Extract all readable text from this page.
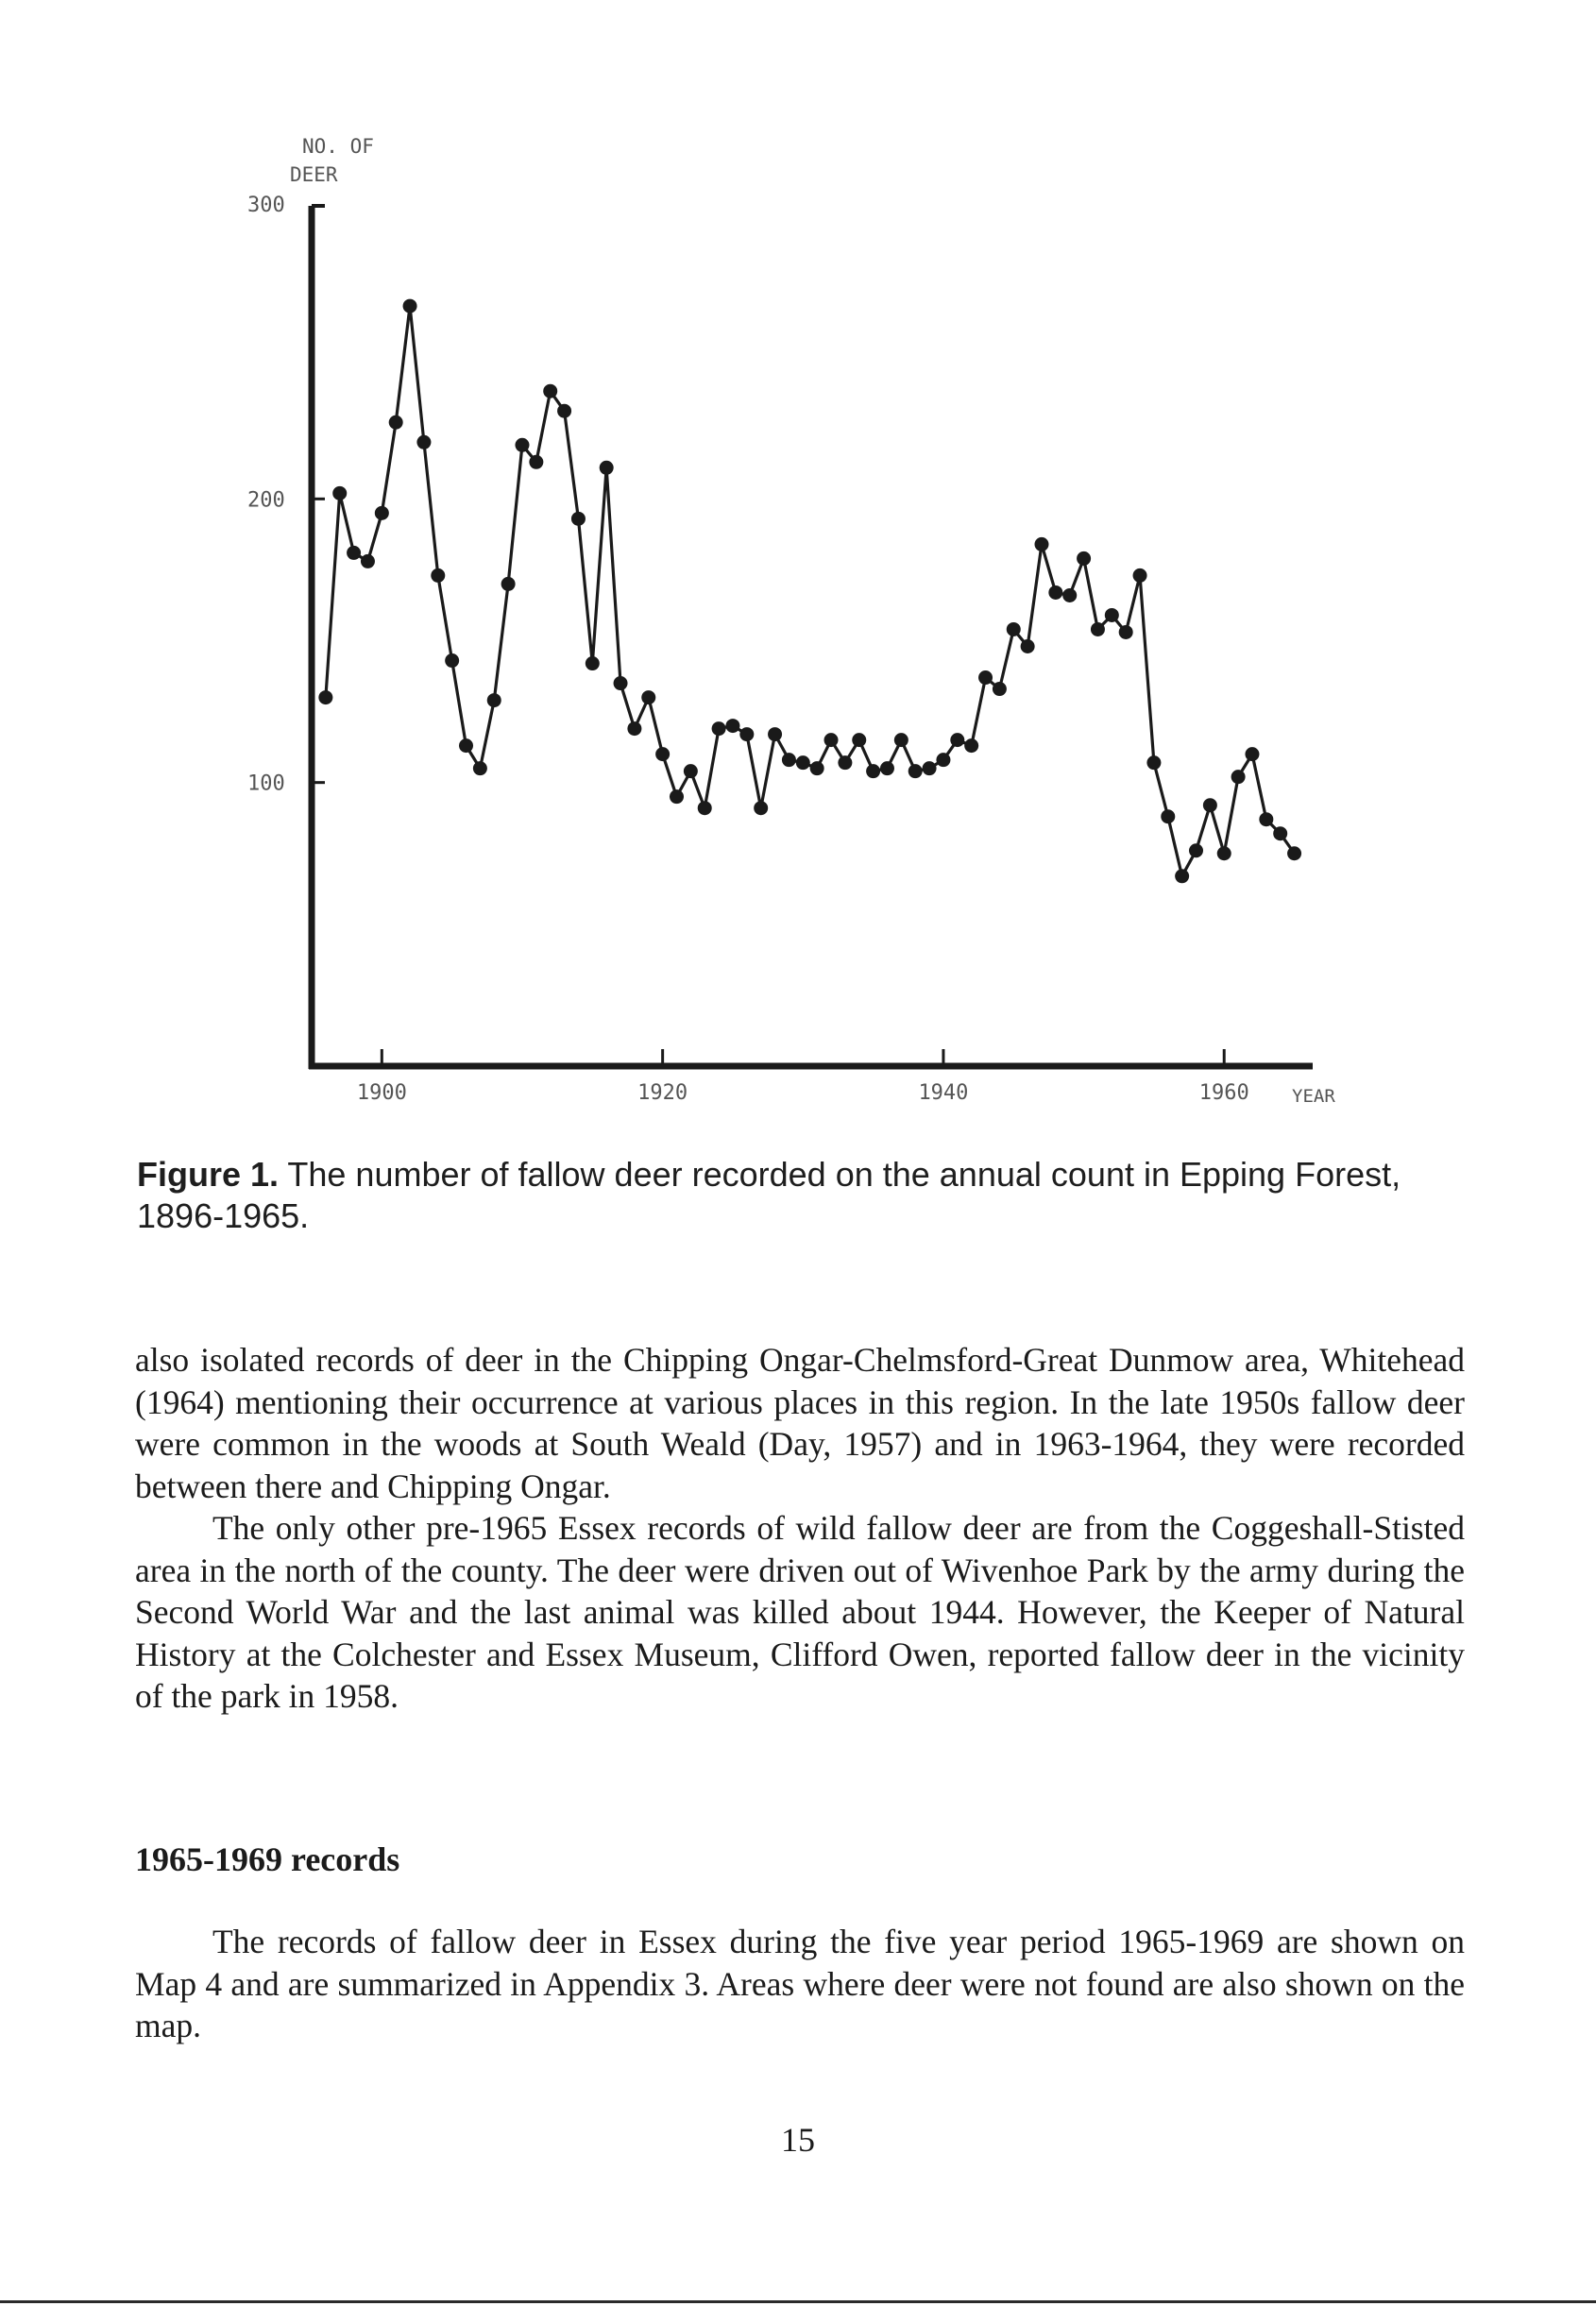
100
200
300
NO. OF
DEER
1900	1920	1940	1960 YEAR
Figure 1. The number of fallow deer recorded on the annual count in Epping Forest, 1896-1965.

also isolated records of deer in the Chipping Ongar-Chelmsford-Great Dunmow area, Whitehead (1964) mentioning their occurrence at various places in this region. In the late 1950s fallow deer were common in the woods at South Weald (Day, 1957) and in 1963-1964, they were recorded between there and Chipping Ongar.

The only other pre-1965 Essex records of wild fallow deer are from the Coggeshall-Stisted area in the north of the county. The deer were driven out of Wivenhoe Park by the army during the Second World War and the last animal was killed about 1944. However, the Keeper of Natural History at the Colchester and Essex Museum, Clifford Owen, reported fallow deer in the vicinity of the park in 1958.

1965-1969 records

The records of fallow deer in Essex during the five year period 1965-1969 are shown on Map 4 and are summarized in Appendix 3. Areas where deer were not found are also shown on the map.

15
